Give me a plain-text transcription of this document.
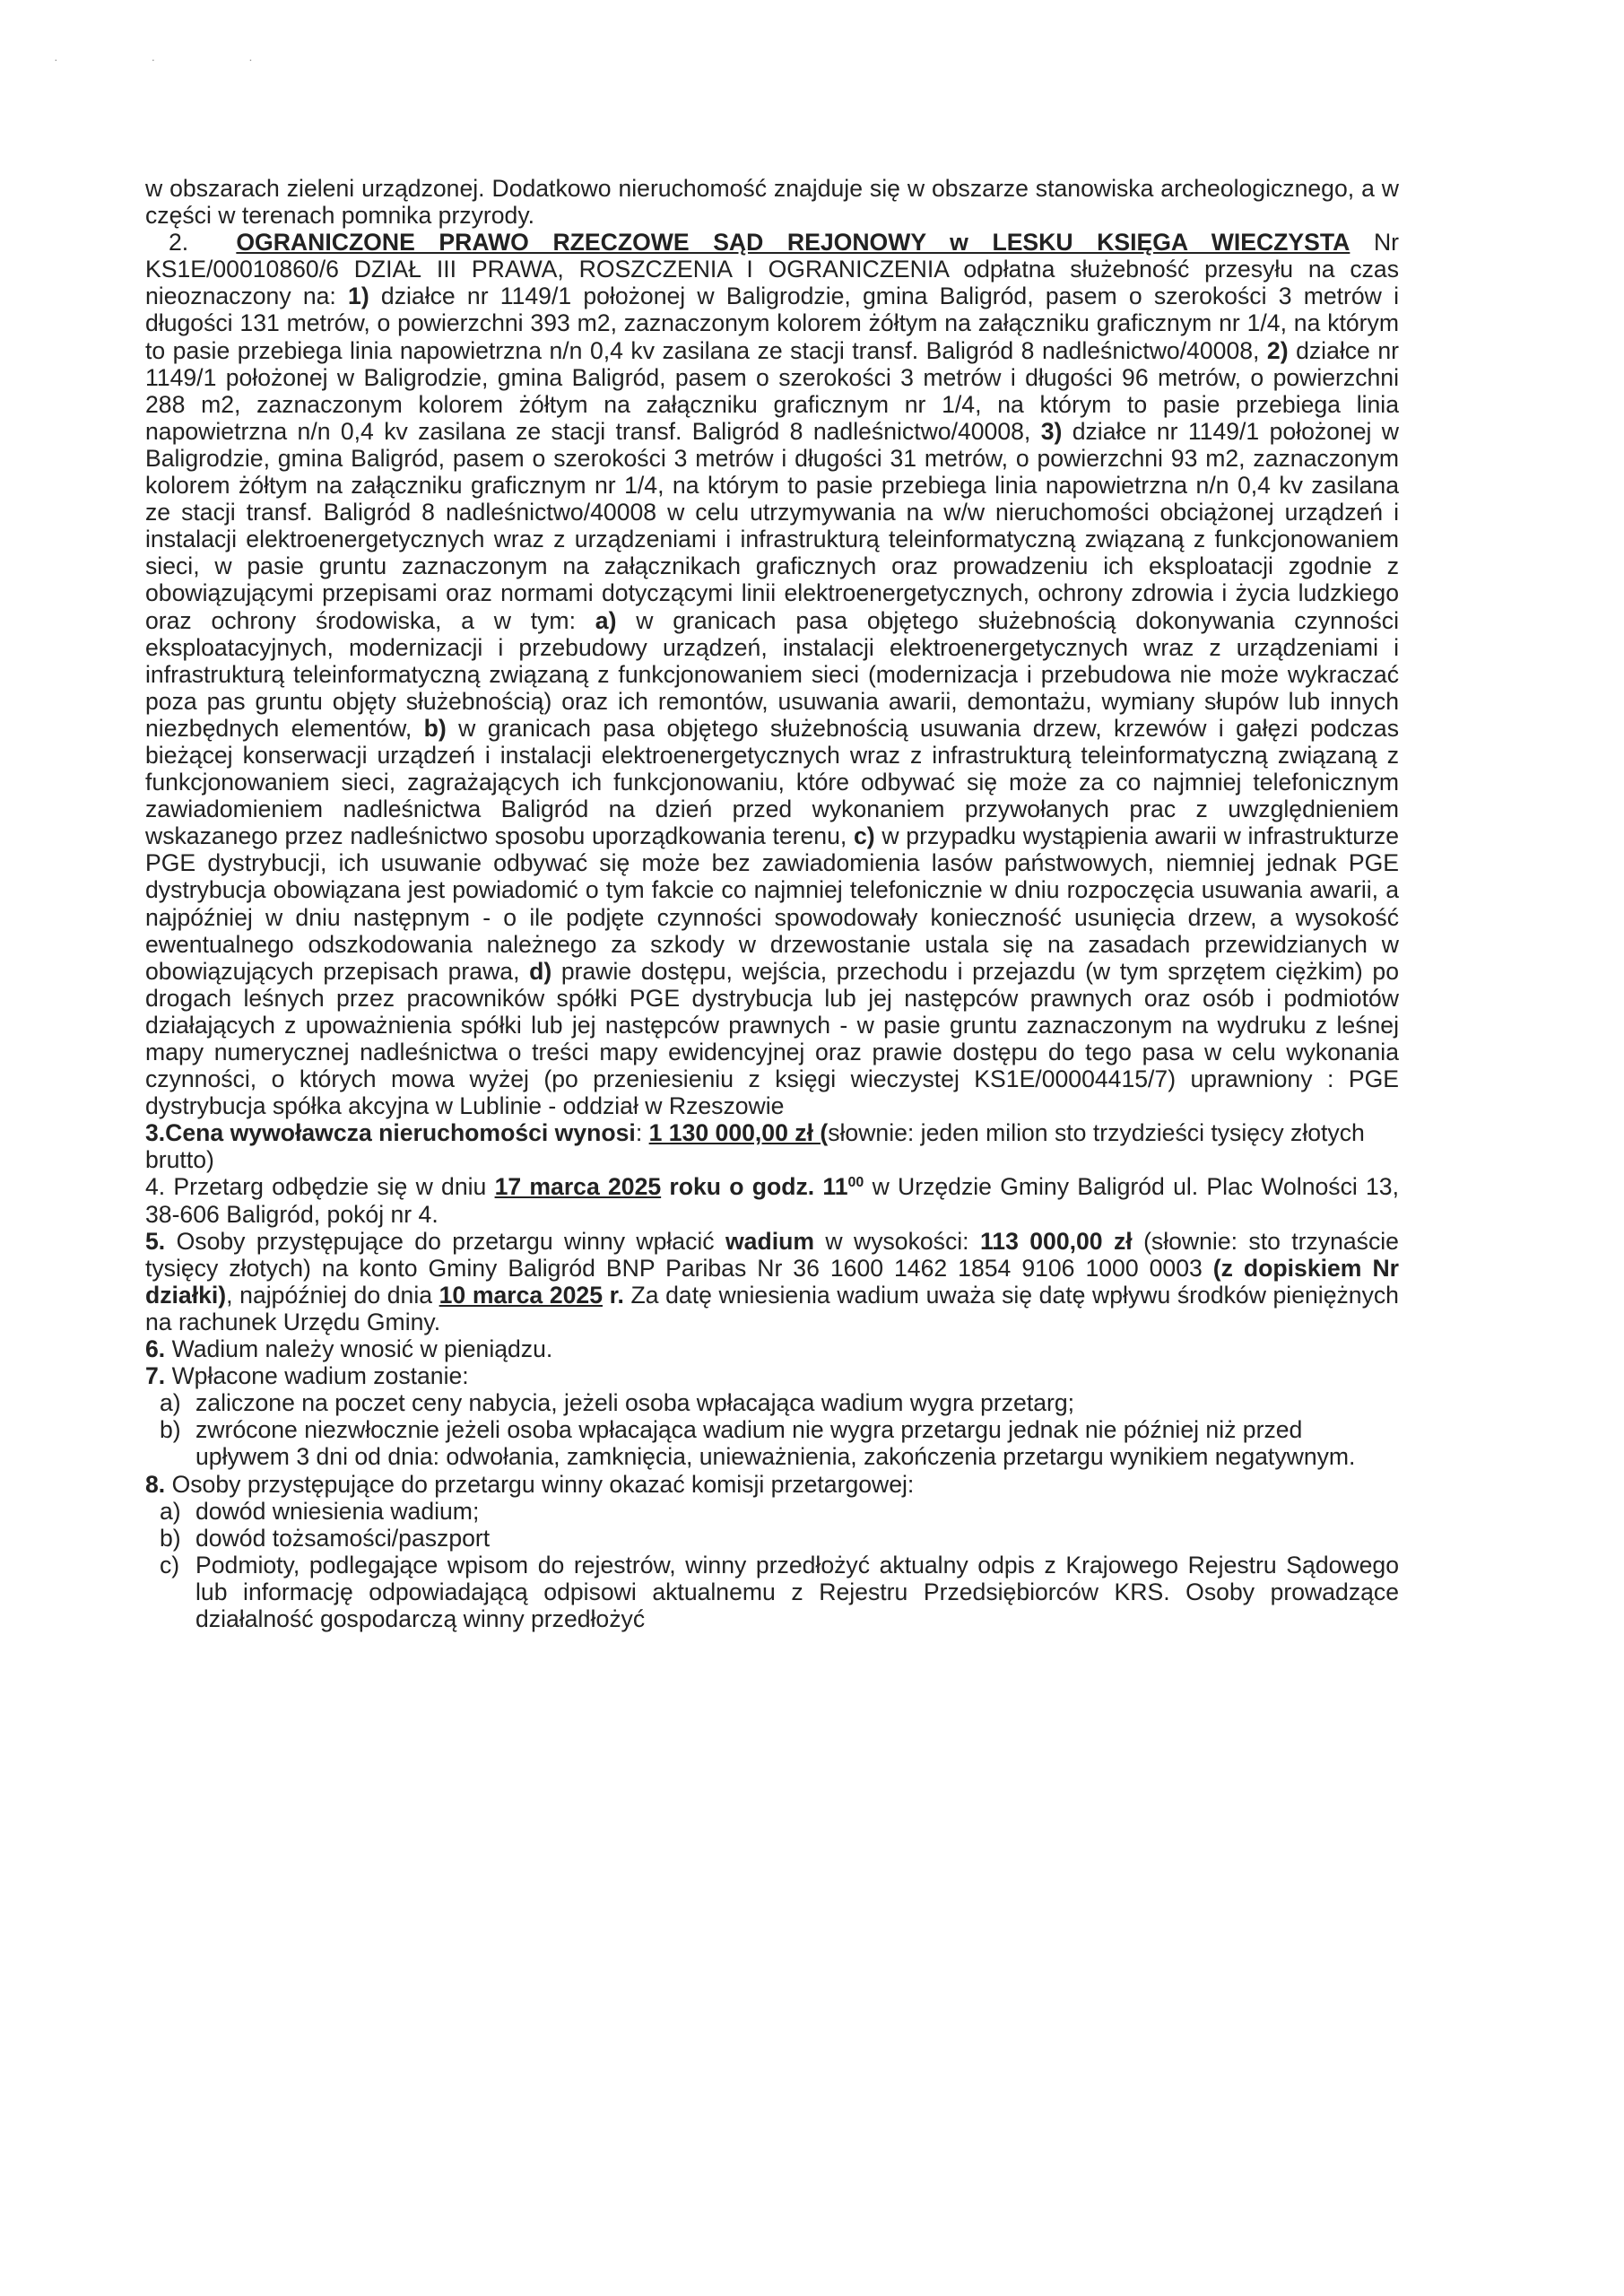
· · ·

w obszarach zieleni urządzonej. Dodatkowo nieruchomość znajduje się w obszarze stanowiska archeologicznego, a w części w terenach pomnika przyrody.

2. OGRANICZONE PRAWO RZECZOWE SĄD REJONOWY w LESKU KSIĘGA WIECZYSTA Nr KS1E/00010860/6 DZIAŁ III PRAWA, ROSZCZENIA I OGRANICZENIA odpłatna służebność przesyłu na czas nieoznaczony na: 1) działce nr 1149/1 położonej w Baligrodzie, gmina Baligród, pasem o szerokości 3 metrów i długości 131 metrów, o powierzchni 393 m2, zaznaczonym kolorem żółtym na załączniku graficznym nr 1/4, na którym to pasie przebiega linia napowietrzna n/n 0,4 kv zasilana ze stacji transf. Baligród 8 nadleśnictwo/40008, 2) działce nr 1149/1 położonej w Baligrodzie, gmina Baligród, pasem o szerokości 3 metrów i długości 96 metrów, o powierzchni 288 m2, zaznaczonym kolorem żółtym na załączniku graficznym nr 1/4, na którym to pasie przebiega linia napowietrzna n/n 0,4 kv zasilana ze stacji transf. Baligród 8 nadleśnictwo/40008, 3) działce nr 1149/1 położonej w Baligrodzie, gmina Baligród, pasem o szerokości 3 metrów i długości 31 metrów, o powierzchni 93 m2, zaznaczonym kolorem żółtym na załączniku graficznym nr 1/4, na którym to pasie przebiega linia napowietrzna n/n 0,4 kv zasilana ze stacji transf. Baligród 8 nadleśnictwo/40008 w celu utrzymywania na w/w nieruchomości obciążonej urządzeń i instalacji elektroenergetycznych wraz z urządzeniami i infrastrukturą teleinformatyczną związaną z funkcjonowaniem sieci, w pasie gruntu zaznaczonym na załącznikach graficznych oraz prowadzeniu ich eksploatacji zgodnie z obowiązującymi przepisami oraz normami dotyczącymi linii elektroenergetycznych, ochrony zdrowia i życia ludzkiego oraz ochrony środowiska, a w tym: a) w granicach pasa objętego służebnością dokonywania czynności eksploatacyjnych, modernizacji i przebudowy urządzeń, instalacji elektroenergetycznych wraz z urządzeniami i infrastrukturą teleinformatyczną związaną z funkcjonowaniem sieci (modernizacja i przebudowa nie może wykraczać poza pas gruntu objęty służebnością) oraz ich remontów, usuwania awarii, demontażu, wymiany słupów lub innych niezbędnych elementów, b) w granicach pasa objętego służebnością usuwania drzew, krzewów i gałęzi podczas bieżącej konserwacji urządzeń i instalacji elektroenergetycznych wraz z infrastrukturą teleinformatyczną związaną z funkcjonowaniem sieci, zagrażających ich funkcjonowaniu, które odbywać się może za co najmniej telefonicznym zawiadomieniem nadleśnictwa Baligród na dzień przed wykonaniem przywołanych prac z uwzględnieniem wskazanego przez nadleśnictwo sposobu uporządkowania terenu, c) w przypadku wystąpienia awarii w infrastrukturze PGE dystrybucji, ich usuwanie odbywać się może bez zawiadomienia lasów państwowych, niemniej jednak PGE dystrybucja obowiązana jest powiadomić o tym fakcie co najmniej telefonicznie w dniu rozpoczęcia usuwania awarii, a najpóźniej w dniu następnym - o ile podjęte czynności spowodowały konieczność usunięcia drzew, a wysokość ewentualnego odszkodowania należnego za szkody w drzewostanie ustala się na zasadach przewidzianych w obowiązujących przepisach prawa, d) prawie dostępu, wejścia, przechodu i przejazdu (w tym sprzętem ciężkim) po drogach leśnych przez pracowników spółki PGE dystrybucja lub jej następców prawnych oraz osób i podmiotów działających z upoważnienia spółki lub jej następców prawnych - w pasie gruntu zaznaczonym na wydruku z leśnej mapy numerycznej nadleśnictwa o treści mapy ewidencyjnej oraz prawie dostępu do tego pasa w celu wykonania czynności, o których mowa wyżej (po przeniesieniu z księgi wieczystej KS1E/00004415/7) uprawniony : PGE dystrybucja spółka akcyjna w Lublinie - oddział w Rzeszowie

3.Cena wywoławcza nieruchomości wynosi: 1 130 000,00 zł (słownie: jeden milion sto trzydzieści tysięcy złotych brutto)

4. Przetarg odbędzie się w dniu 17 marca 2025 roku o godz. $11^{00}$ w Urzędzie Gminy Baligród ul. Plac Wolności 13, 38-606 Baligród, pokój nr 4.

5. Osoby przystępujące do przetargu winny wpłacić wadium w wysokości: 113 000,00 zł (słownie: sto trzynaście tysięcy złotych) na konto Gminy Baligród BNP Paribas Nr 36 1600 1462 1854 9106 1000 0003 (z dopiskiem Nr działki), najpóźniej do dnia 10 marca 2025 r. Za datę wniesienia wadium uważa się datę wpływu środków pieniężnych na rachunek Urzędu Gminy.

6. Wadium należy wnosić w pieniądzu.

7. Wpłacone wadium zostanie:

a) zaliczone na poczet ceny nabycia, jeżeli osoba wpłacająca wadium wygra przetarg;
b) zwrócone niezwłocznie jeżeli osoba wpłacająca wadium nie wygra przetargu jednak nie później niż przed upływem 3 dni od dnia: odwołania, zamknięcia, unieważnienia, zakończenia przetargu wynikiem negatywnym.

8. Osoby przystępujące do przetargu winny okazać komisji przetargowej:

a) dowód wniesienia wadium;
b) dowód tożsamości/paszport
c) Podmioty, podlegające wpisom do rejestrów, winny przedłożyć aktualny odpis z Krajowego Rejestru Sądowego lub informację odpowiadającą odpisowi aktualnemu z Rejestru Przedsiębiorców KRS. Osoby prowadzące działalność gospodarczą winny przedłożyć
